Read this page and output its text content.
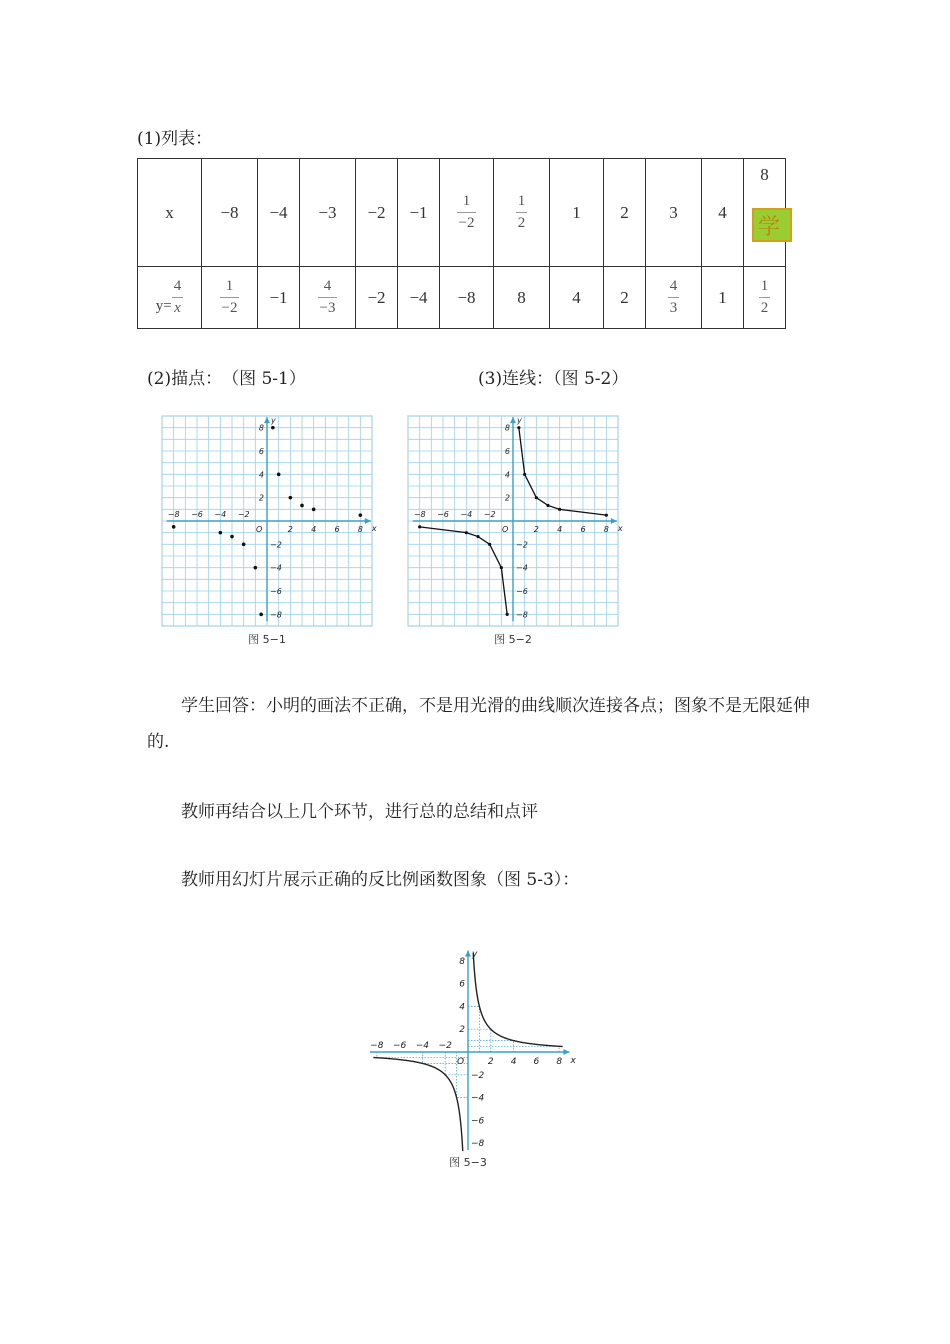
(1)列表：
x	−8	−4	−3	−2	−1	$\frac{1}{-2}$	$\frac{1}{2}$	1	2	3	4	8
学

$y= \frac{4}{x}$	$\frac{1}{-2}$	−1	$\frac{4}{-3}$	−2	−4	−8	8	4	2	$\frac{4}{3}$	1	$\frac{1}{2}$
(2)描点：　（图 5-1）	(3)连线：（图 5-2）
−8 −6 −4 −2
2 4 6 8
8
6
4
2
−2
−4
−6
−8
x
y
O
图 5−1
−8 −6 −4 −2
2 4 6 8
8
6
4
2
−2
−4
−6
−8
x
y
O
图 5−2
学生回答：小明的画法不正确，不是用光滑的曲线顺次连接各点；图象不是无限延伸的.
教师再结合以上几个环节，进行总的总结和点评
教师用幻灯片展示正确的反比例函数图象（图 5-3）：
−8 −6 −4 −2
2 4 6 8
8
6
4
2
−2
−4
−6
−8
x
y
O
图 5−3
